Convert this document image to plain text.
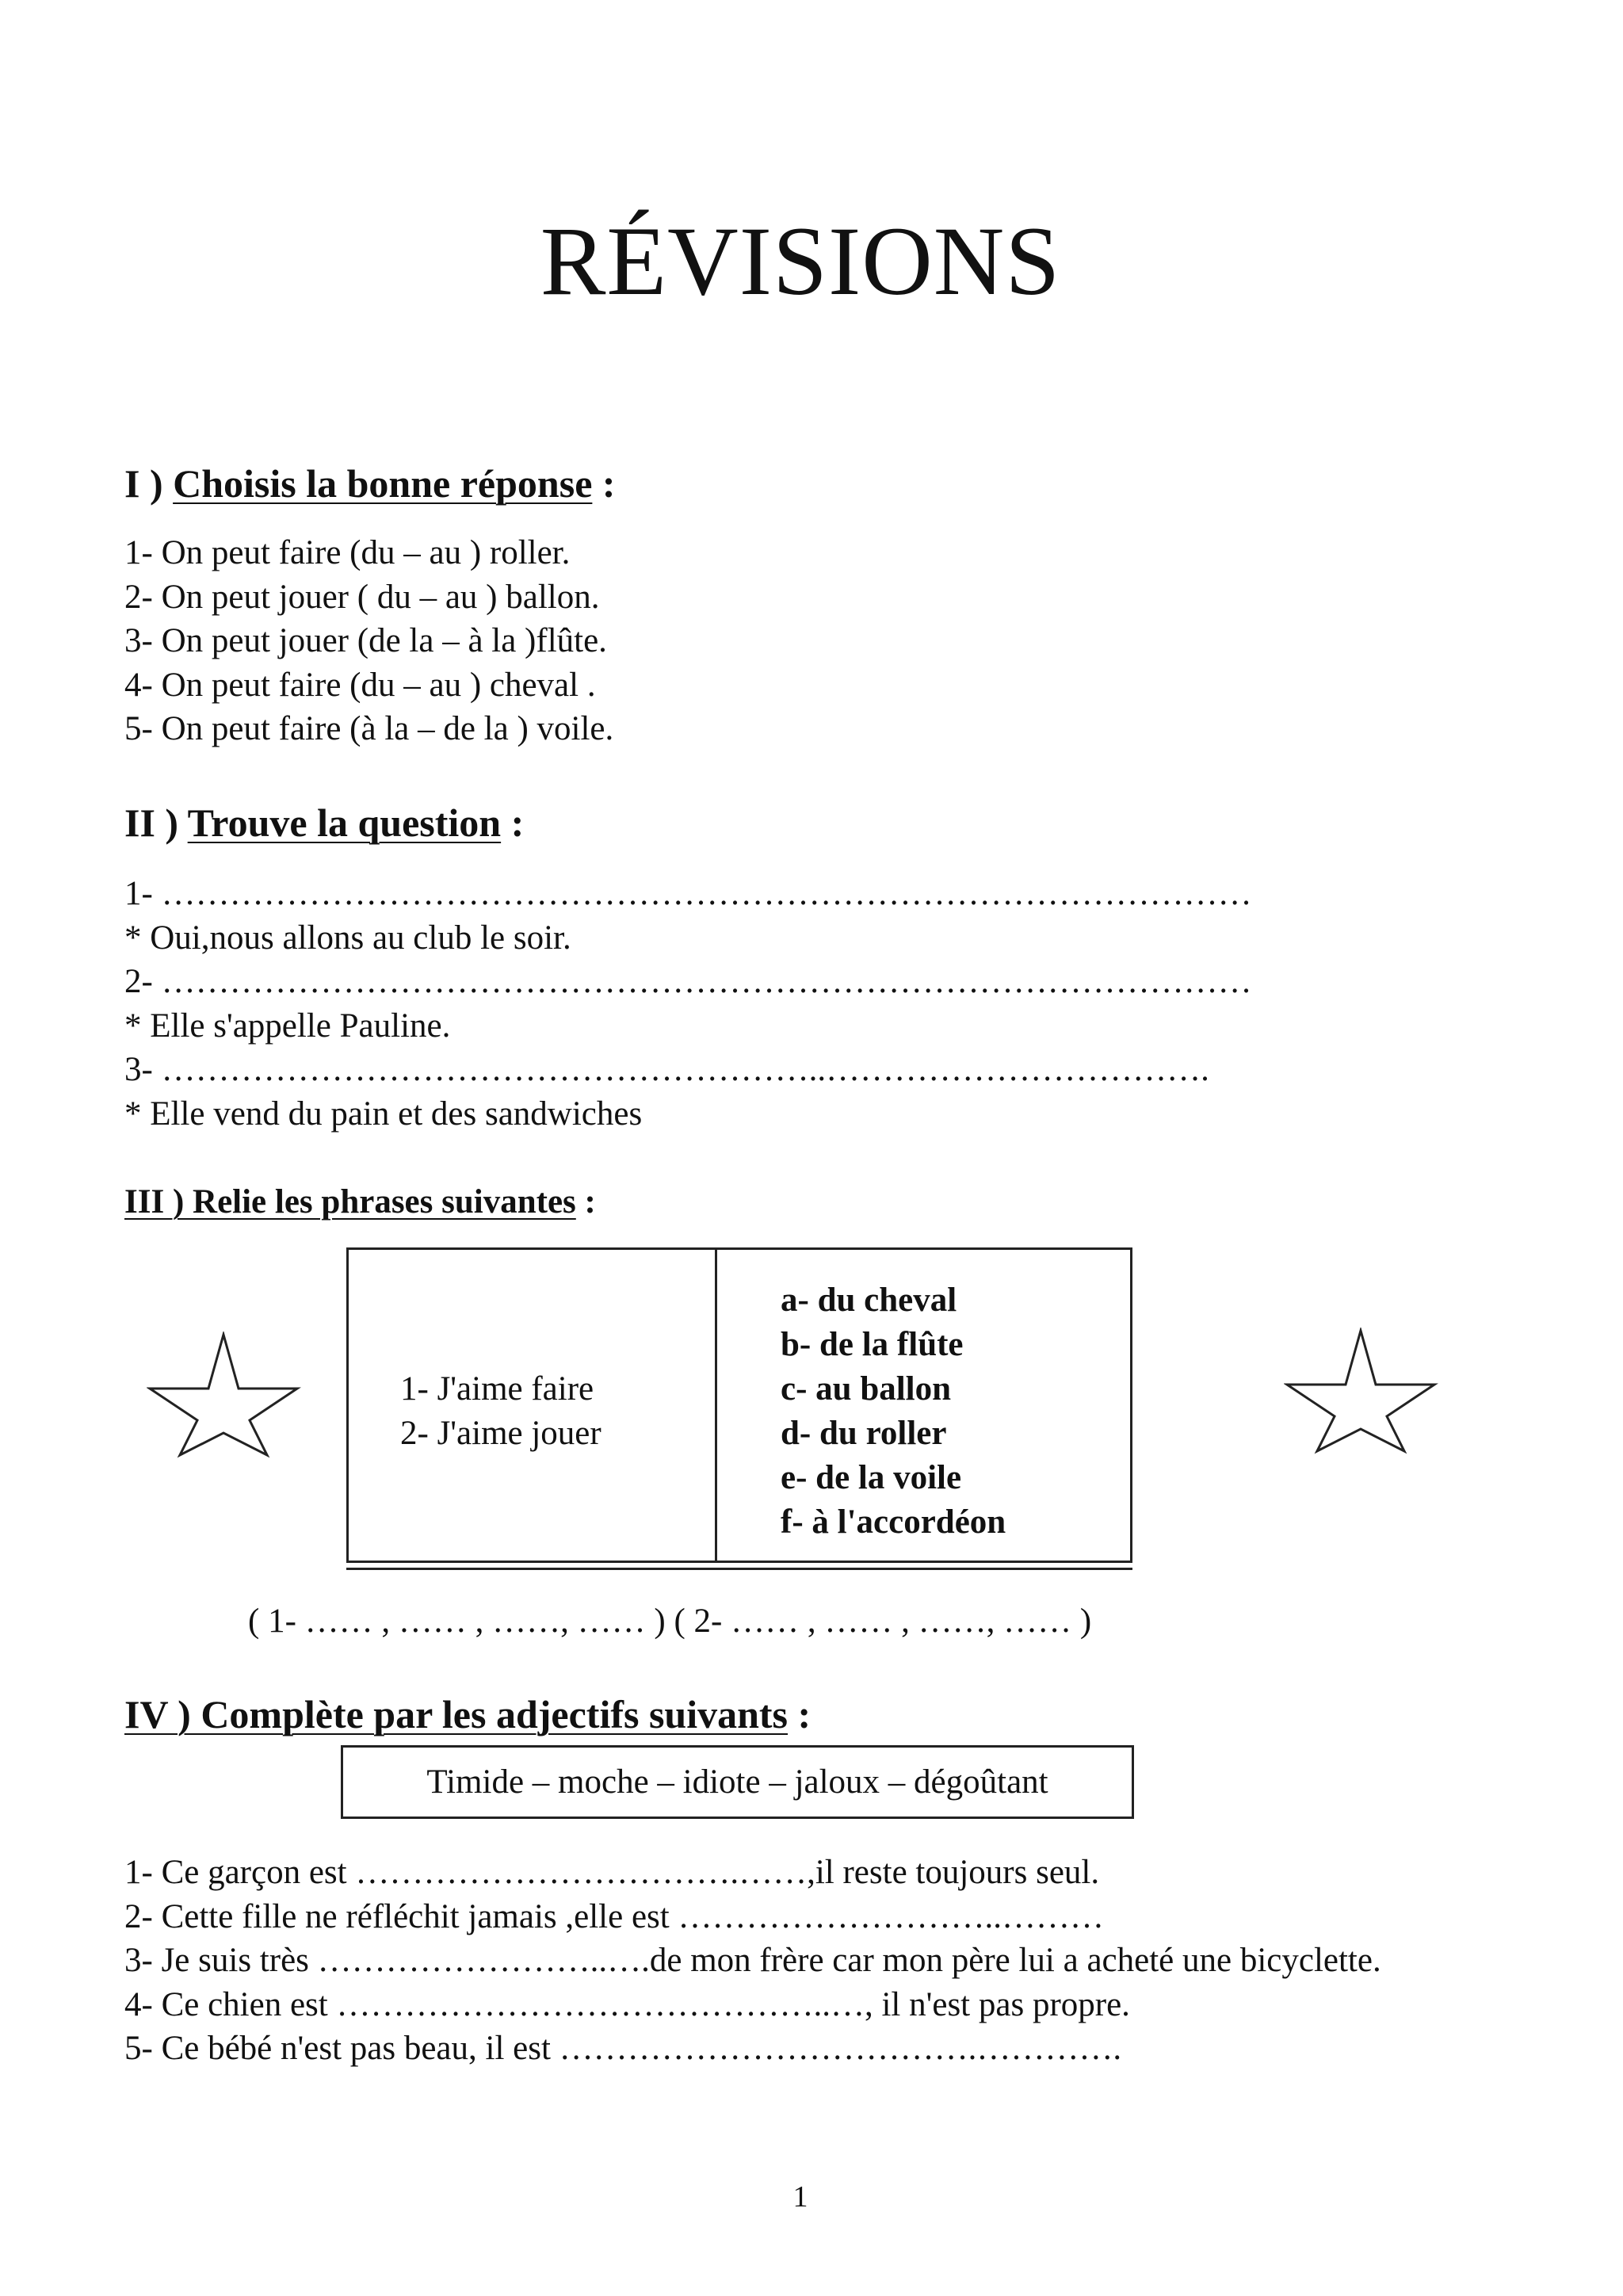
RÉVISIONS
I ) Choisis la bonne réponse :
1- On peut faire (du – au ) roller.
2- On peut jouer ( du – au ) ballon.
3- On peut jouer (de la – à la )flûte.
4- On peut faire (du – au ) cheval .
5- On peut faire (à la – de la ) voile.
II ) Trouve la question :
1- ……………………………………………………………………………………
* Oui,nous allons au club le soir.
2- ……………………………………………………………………………………
* Elle s'appelle Pauline.
3- …………………………………………………..…………………………….
* Elle vend du pain et des sandwiches
III ) Relie les phrases suivantes :
1- J'aime faire
2- J'aime jouer
a- du cheval
b- de la flûte
c- au ballon
d- du roller
e- de la voile
f- à l'accordéon
( 1- …… , …… , ……, …… ) ( 2- …… , …… , ……, …… )
IV ) Complète par les adjectifs suivants :
Timide – moche – idiote – jaloux – dégoûtant
1- Ce garçon est …………………………….……,il reste toujours seul.
2- Cette fille ne réfléchit jamais ,elle est ………………………..………
3- Je suis très ……………………..….de mon frère car mon père lui a acheté une bicyclette.
4- Ce chien est ……………………………………..…, il n'est pas propre.
5- Ce bébé n'est pas beau, il est ……………………………….………….
1
